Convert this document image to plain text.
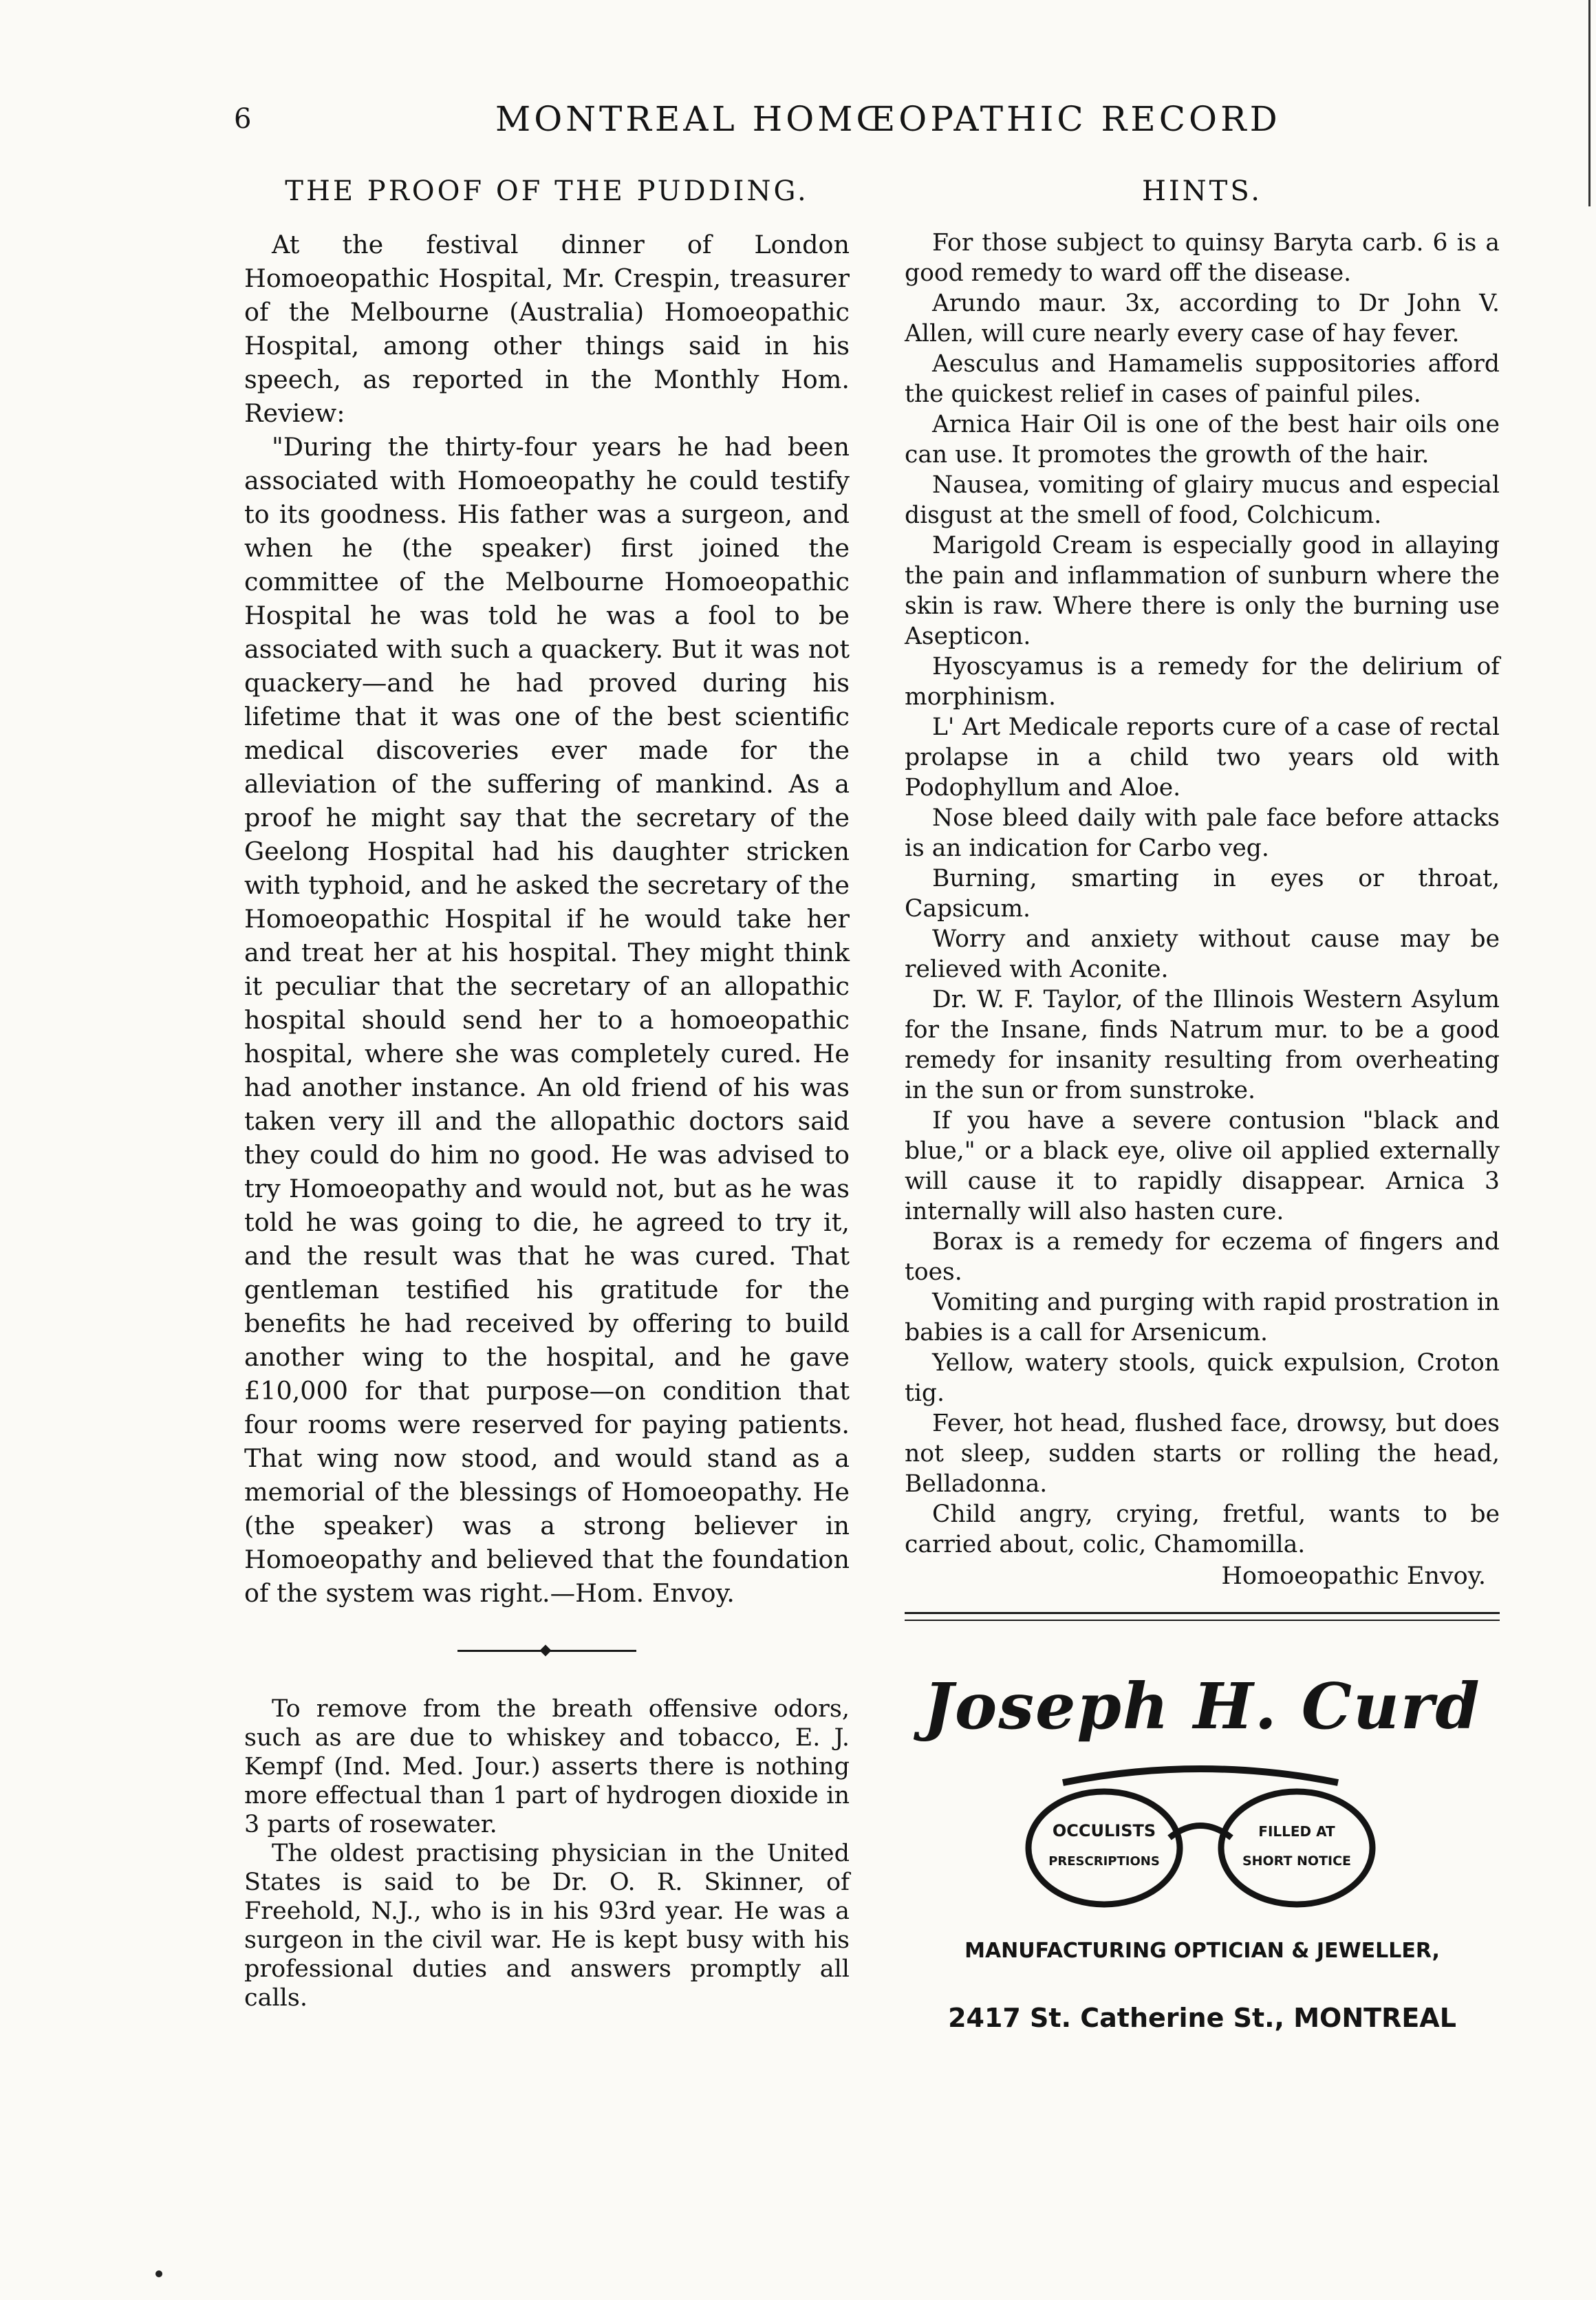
6	MONTREAL HOMŒOPATHIC RECORD
THE PROOF OF THE PUDDING.

At the festival dinner of London Homoeopathic Hospital, Mr. Crespin, treasurer of the Melbourne (Australia) Homoeopathic Hospital, among other things said in his speech, as reported in the Monthly Hom. Review:

"During the thirty-four years he had been associated with Homoeopathy he could testify to its goodness. His father was a surgeon, and when he (the speaker) first joined the committee of the Melbourne Homoeopathic Hospital he was told he was a fool to be associated with such a quackery. But it was not quackery—and he had proved during his lifetime that it was one of the best scientific medical discoveries ever made for the alleviation of the suffering of mankind. As a proof he might say that the secretary of the Geelong Hospital had his daughter stricken with typhoid, and he asked the secretary of the Homoeopathic Hospital if he would take her and treat her at his hospital. They might think it peculiar that the secretary of an allopathic hospital should send her to a homoeopathic hospital, where she was completely cured. He had another instance. An old friend of his was taken very ill and the allopathic doctors said they could do him no good. He was advised to try Homoeopathy and would not, but as he was told he was going to die, he agreed to try it, and the result was that he was cured. That gentleman testified his gratitude for the benefits he had received by offering to build another wing to the hospital, and he gave £10,000 for that purpose—on condition that four rooms were reserved for paying patients. That wing now stood, and would stand as a memorial of the blessings of Homoeopathy. He (the speaker) was a strong believer in Homoeopathy and believed that the foundation of the system was right.—Hom. Envoy.

To remove from the breath offensive odors, such as are due to whiskey and tobacco, E. J. Kempf (Ind. Med. Jour.) asserts there is nothing more effectual than 1 part of hydrogen dioxide in 3 parts of rosewater.

The oldest practising physician in the United States is said to be Dr. O. R. Skinner, of Freehold, N.J., who is in his 93rd year. He was a surgeon in the civil war. He is kept busy with his professional duties and answers promptly all calls.

HINTS.

For those subject to quinsy Baryta carb. 6 is a good remedy to ward off the disease.

Arundo maur. 3x, according to Dr John V. Allen, will cure nearly every case of hay fever.

Aesculus and Hamamelis suppositories afford the quickest relief in cases of painful piles.

Arnica Hair Oil is one of the best hair oils one can use. It promotes the growth of the hair.

Nausea, vomiting of glairy mucus and especial disgust at the smell of food, Colchicum.

Marigold Cream is especially good in allaying the pain and inflammation of sunburn where the skin is raw. Where there is only the burning use Asepticon.

Hyoscyamus is a remedy for the delirium of morphinism.

L' Art Medicale reports cure of a case of rectal prolapse in a child two years old with Podophyllum and Aloe.

Nose bleed daily with pale face before attacks is an indication for Carbo veg.

Burning, smarting in eyes or throat, Capsicum.

Worry and anxiety without cause may be relieved with Aconite.

Dr. W. F. Taylor, of the Illinois Western Asylum for the Insane, finds Natrum mur. to be a good remedy for insanity resulting from overheating in the sun or from sunstroke.

If you have a severe contusion "black and blue," or a black eye, olive oil applied externally will cause it to rapidly disappear. Arnica 3 internally will also hasten cure.

Borax is a remedy for eczema of fingers and toes.

Vomiting and purging with rapid prostration in babies is a call for Arsenicum.

Yellow, watery stools, quick expulsion, Croton tig.

Fever, hot head, flushed face, drowsy, but does not sleep, sudden starts or rolling the head, Belladonna.

Child angry, crying, fretful, wants to be carried about, colic, Chamomilla.

Homoeopathic Envoy.

Joseph H. Curd
OCCULISTS
PRESCRIPTIONS
FILLED AT
SHORT NOTICE
MANUFACTURING OPTICIAN & JEWELLER,
2417 St. Catherine St., MONTREAL
